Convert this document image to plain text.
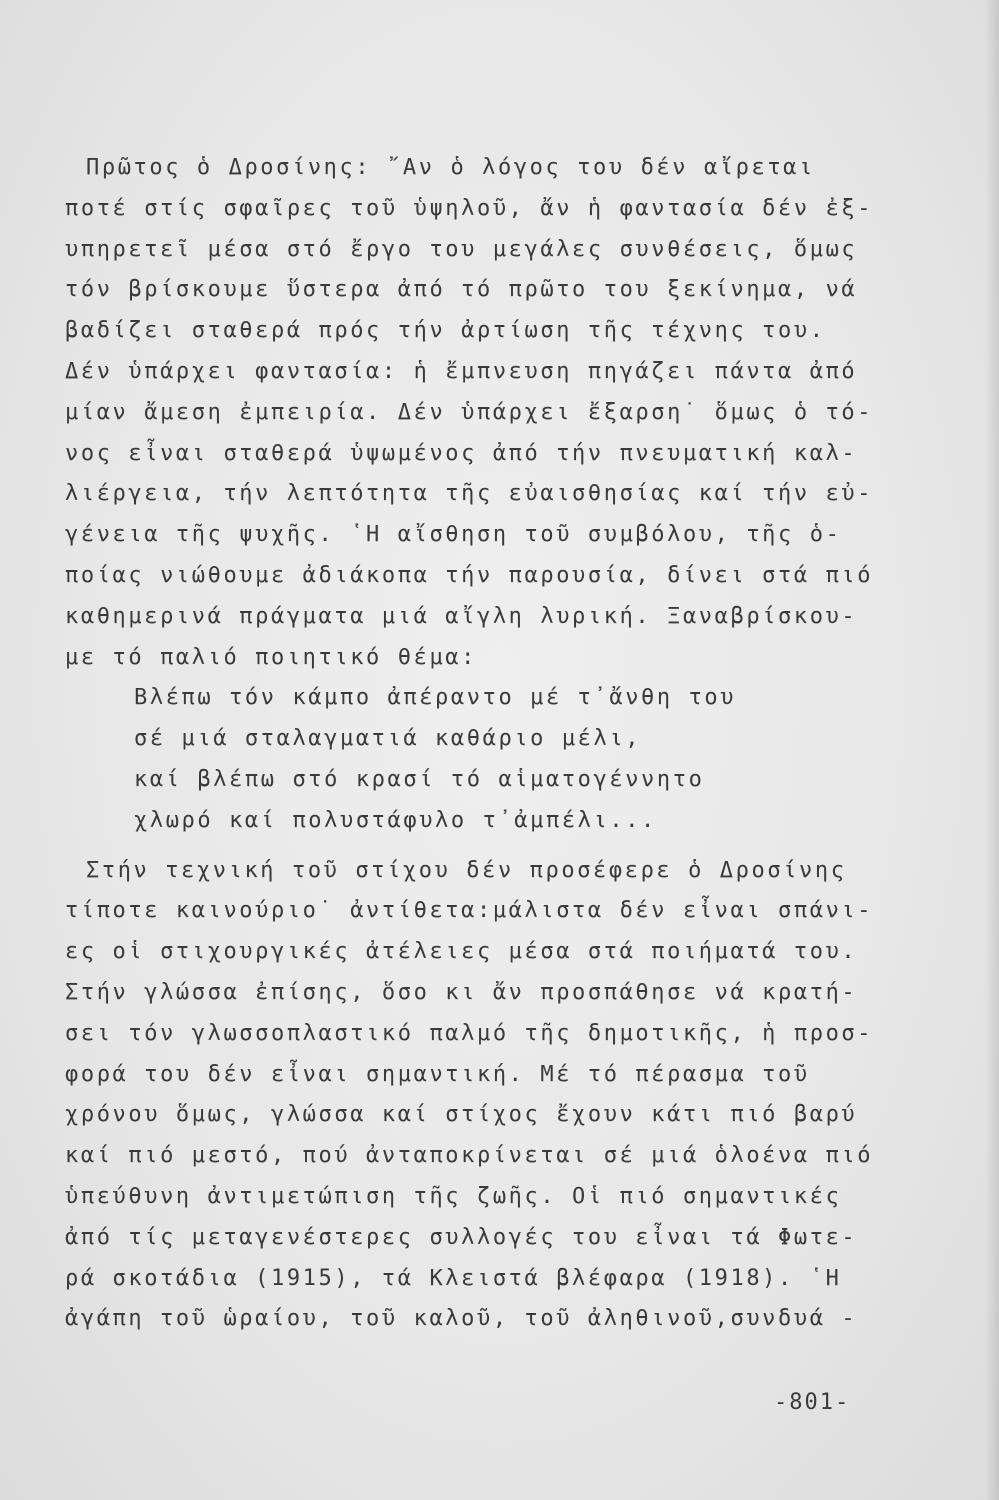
Πρῶτος ὁ Δροσίνης: ῎Αν ὁ λόγος του δέν αἴρεται
ποτέ στίς σφαῖρες τοῦ ὑψηλοῦ, ἄν ἡ φαντασία δέν ἐξ-
υπηρετεῖ μέσα στό ἔργο του μεγάλες συνθέσεις, ὅμως
τόν βρίσκουμε ὕστερα ἀπό τό πρῶτο του ξεκίνημα, νά
βαδίζει σταθερά πρός τήν ἀρτίωση τῆς τέχνης του.
Δέν ὑπάρχει φαντασία: ἡ ἔμπνευση πηγάζει πάντα ἀπό
μίαν ἄμεση ἐμπειρία. Δέν ὑπάρχει ἔξαρση˙ ὅμως ὁ τό-
νος εἶναι σταθερά ὑψωμένος ἀπό τήν πνευματική καλ-
λιέργεια, τήν λεπτότητα τῆς εὐαισθησίας καί τήν εὐ-
γένεια τῆς ψυχῆς. ῾Η αἴσθηση τοῦ συμβόλου, τῆς ὁ-
ποίας νιώθουμε ἀδιάκοπα τήν παρουσία, δίνει στά πιό
καθημερινά πράγματα μιά αἴγλη λυρική. Ξαναβρίσκου-
με τό παλιό ποιητικό θέμα:
Βλέπω τόν κάμπο ἀπέραντο μέ τ᾽ἄνθη του
σέ μιά σταλαγματιά καθάριο μέλι,
καί βλέπω στό κρασί τό αἱματογέννητο
χλωρό καί πολυστάφυλο τ᾽ἀμπέλι...
Στήν τεχνική τοῦ στίχου δέν προσέφερε ὁ Δροσίνης
τίποτε καινούριο˙ ἀντίθετα:μάλιστα δέν εἶναι σπάνι-
ες οἱ στιχουργικές ἀτέλειες μέσα στά ποιήματά του.
Στήν γλώσσα ἐπίσης, ὅσο κι ἄν προσπάθησε νά κρατή-
σει τόν γλωσσοπλαστικό παλμό τῆς δημοτικῆς, ἡ προσ-
φορά του δέν εἶναι σημαντική. Μέ τό πέρασμα τοῦ
χρόνου ὅμως, γλώσσα καί στίχος ἔχουν κάτι πιό βαρύ
καί πιό μεστό, πού ἀνταποκρίνεται σέ μιά ὁλοένα πιό
ὑπεύθυνη ἀντιμετώπιση τῆς ζωῆς. Οἱ πιό σημαντικές
ἀπό τίς μεταγενέστερες συλλογές του εἶναι τά Φωτε-
ρά σκοτάδια (1915), τά Κλειστά βλέφαρα (1918). ῾Η
ἀγάπη τοῦ ὡραίου, τοῦ καλοῦ, τοῦ ἀληθινοῦ,συνδυά -
-801-
